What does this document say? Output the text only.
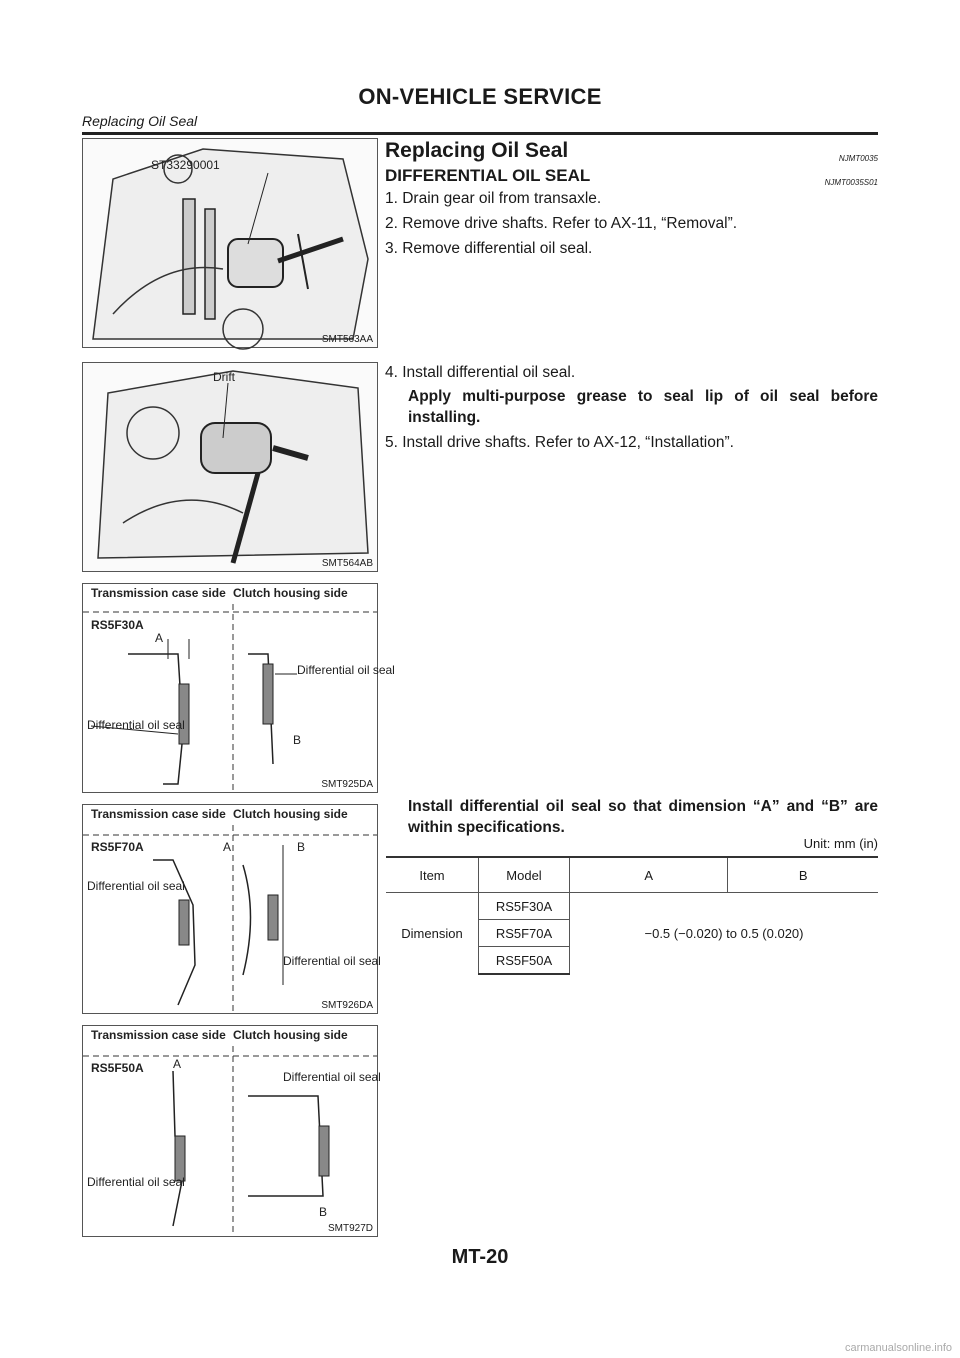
ON-VEHICLE SERVICE
Replacing Oil Seal
ST33290001
SMT563AA
Drift
SMT564AB
Transmission case side Clutch housing side
RS5F30A
A
B
Differential oil seal
Differential oil seal
SMT925DA
Transmission case side Clutch housing side
RS5F70A	A	B
Differential oil seal
Differential oil seal
SMT926DA
Transmission case side Clutch housing side
RS5F50A A
B
Differential oil seal
Differential oil seal
SMT927D
Replacing Oil Seal	NJMT0035
DIFFERENTIAL OIL SEAL	NJMT0035S01
1. Drain gear oil from transaxle.
2. Remove drive shafts. Refer to AX-11, “Removal”.
3. Remove differential oil seal.
4. Install differential oil seal.
Apply multi-purpose grease to seal lip of oil seal before installing.
5. Install drive shafts. Refer to AX-12, “Installation”.
Install differential oil seal so that dimension “A” and “B” are within specifications.
Unit: mm (in)
Item	Model	A	B
Dimension	RS5F30A	−0.5 (−0.020) to 0.5 (0.020)	
	RS5F70A		
	RS5F50A		
MT-20
carmanualsonline.info
